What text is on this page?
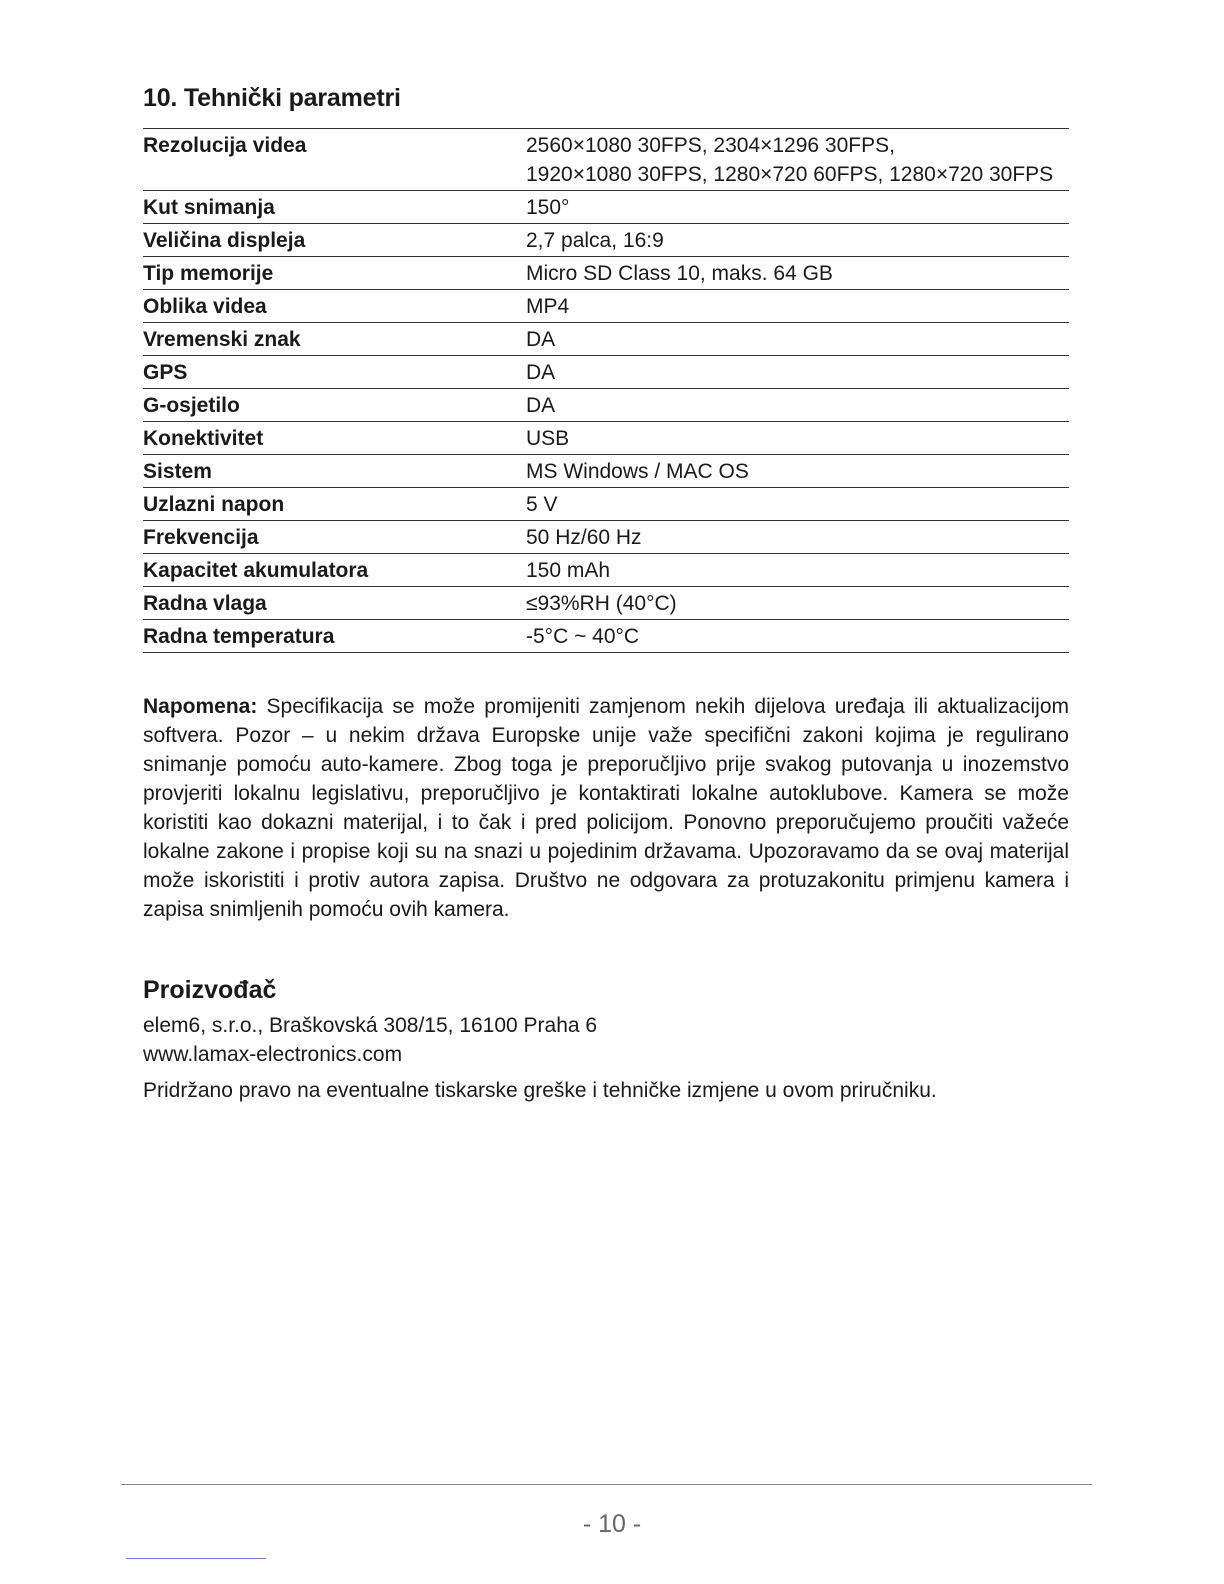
10. Tehnički parametri
Rezolucija videa	2560×1080 30FPS, 2304×1296 30FPS,
1920×1080 30FPS, 1280×720 60FPS, 1280×720 30FPS

Kut snimanja	150°

Veličina displeja	2,7 palca, 16:9

Tip memorije	Micro SD Class 10, maks. 64 GB

Oblika videa	MP4

Vremenski znak	DA

GPS	DA

G-osjetilo	DA

Konektivitet	USB

Sistem	MS Windows / MAC OS

Uzlazni napon	5 V

Frekvencija	50 Hz/60 Hz

Kapacitet akumulatora	150 mAh

Radna vlaga	≤93%RH (40°C)

Radna temperatura	-5°C ~ 40°C

Napomena: Specifikacija se može promijeniti zamjenom nekih dijelova uređaja ili aktualizacijom softvera. Pozor – u nekim država Europske unije važe specifični zakoni kojima je regulirano snimanje pomoću auto-kamere. Zbog toga je preporučljivo prije svakog putovanja u inozemstvo provjeriti lokalnu legislativu, preporučljivo je kontaktirati lokalne autoklubove. Kamera se može koristiti kao dokazni materijal, i to čak i pred policijom. Ponovno preporučujemo proučiti važeće lokalne zakone i propise koji su na snazi u pojedinim državama. Upozoravamo da se ovaj materijal može iskoristiti i protiv autora zapisa. Društvo ne odgovara za protuzakonitu primjenu kamera i zapisa snimljenih pomoću ovih kamera.

Proizvođač
elem6, s.r.o., Braškovská 308/15, 16100 Praha 6
www.lamax-electronics.com
Pridržano pravo na eventualne tiskarske greške i tehničke izmjene u ovom priručniku.
- 10 -
